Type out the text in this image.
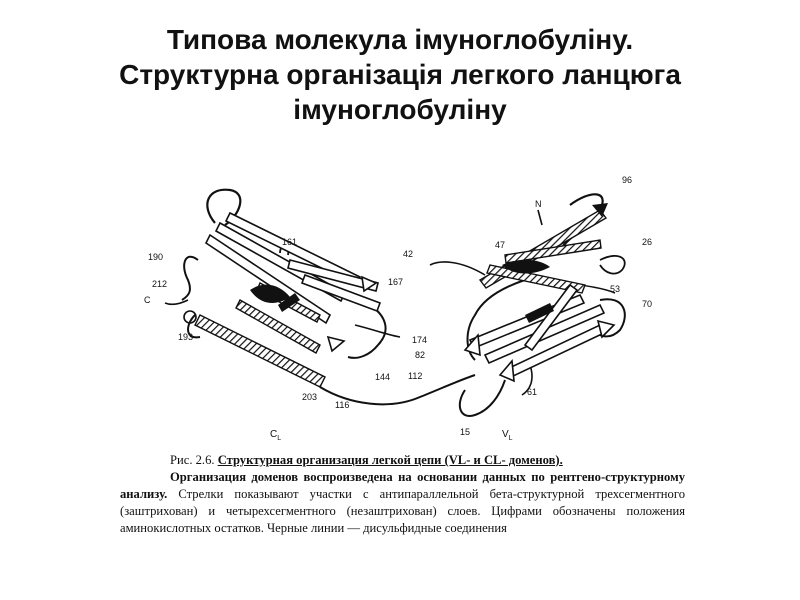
Типова молекула імуноглобуліну.
Структурна організація легкого ланцюга
імуноглобуліну
96
N
47
42
26
53
70
61
82
112
15
190
161
167
212
C
193	174
144
203
116
$C_L$	$V_L$

Рис. 2.6. Структурная организация легкой цепи (VL- и CL- доменов).

Организация доменов воспроизведена на основании данных по рентгено-структурному анализу. Стрелки показывают участки с антипараллельной бета-структурной трехсегментного (заштрихован) и четырехсегментного (незаштрихован) слоев. Цифрами обозначены положения аминокислотных остатков. Черные линии — дисульфидные соединения
